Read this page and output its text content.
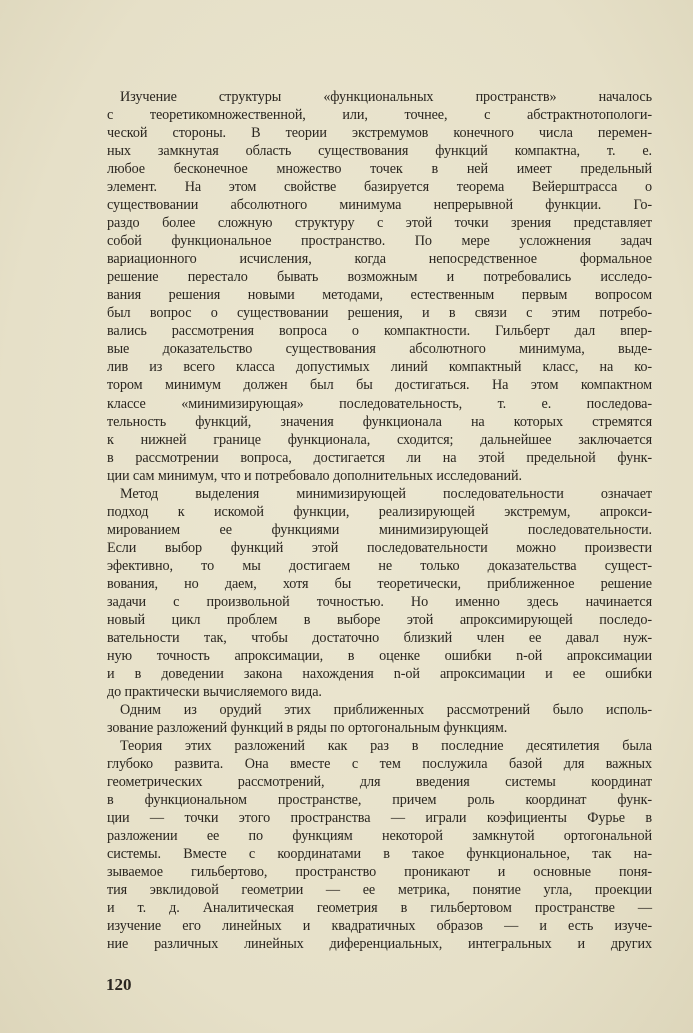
Изучение структуры «функциональных пространств» началось
с теоретикомножественной, или, точнее, с абстрактнотопологи-
ческой стороны. В теории экстремумов конечного числа перемен-
ных замкнутая область существования функций компактна, т. е.
любое бесконечное множество точек в ней имеет предельный
элемент. На этом свойстве базируется теорема Вейерштрасса о
существовании абсолютного минимума непрерывной функции. Го-
раздо более сложную структуру с этой точки зрения представляет
собой функциональное пространство. По мере усложнения задач
вариационного исчисления, когда непосредственное формальное
решение перестало бывать возможным и потребовались исследо-
вания решения новыми методами, естественным первым вопросом
был вопрос о существовании решения, и в связи с этим потребо-
вались рассмотрения вопроса о компактности. Гильберт дал впер-
вые доказательство существования абсолютного минимума, выде-
лив из всего класса допустимых линий компактный класс, на ко-
тором минимум должен был бы достигаться. На этом компактном
классе «минимизирующая» последовательность, т. е. последова-
тельность функций, значения функционала на которых стремятся
к нижней границе функционала, сходится; дальнейшее заключается
в рассмотрении вопроса, достигается ли на этой предельной функ-
ции сам минимум, что и потребовало дополнительных исследований.
Метод выделения минимизирующей последовательности означает
подход к искомой функции, реализирующей экстремум, апрокси-
мированием ее функциями минимизирующей последовательности.
Если выбор функций этой последовательности можно произвести
эфективно, то мы достигаем не только доказательства сущест-
вования, но даем, хотя бы теоретически, приближенное решение
задачи с произвольной точностью. Но именно здесь начинается
новый цикл проблем в выборе этой апроксимирующей последо-
вательности так, чтобы достаточно близкий член ее давал нуж-
ную точность апроксимации, в оценке ошибки n-ой апроксимации
и в доведении закона нахождения n-ой апроксимации и ее ошибки
до практически вычисляемого вида.
Одним из орудий этих приближенных рассмотрений было исполь-
зование разложений функций в ряды по ортогональным функциям.
Теория этих разложений как раз в последние десятилетия была
глубоко развита. Она вместе с тем послужила базой для важных
геометрических рассмотрений, для введения системы координат
в функциональном пространстве, причем роль координат функ-
ции — точки этого пространства — играли коэфициенты Фурье в
разложении ее по функциям некоторой замкнутой ортогональной
системы. Вместе с координатами в такое функциональное, так на-
зываемое гильбертово, пространство проникают и основные поня-
тия эвклидовой геометрии — ее метрика, понятие угла, проекции
и т. д. Аналитическая геометрия в гильбертовом пространстве —
изучение его линейных и квадратичных образов — и есть изуче-
ние различных линейных диференциальных, интегральных и других
120
